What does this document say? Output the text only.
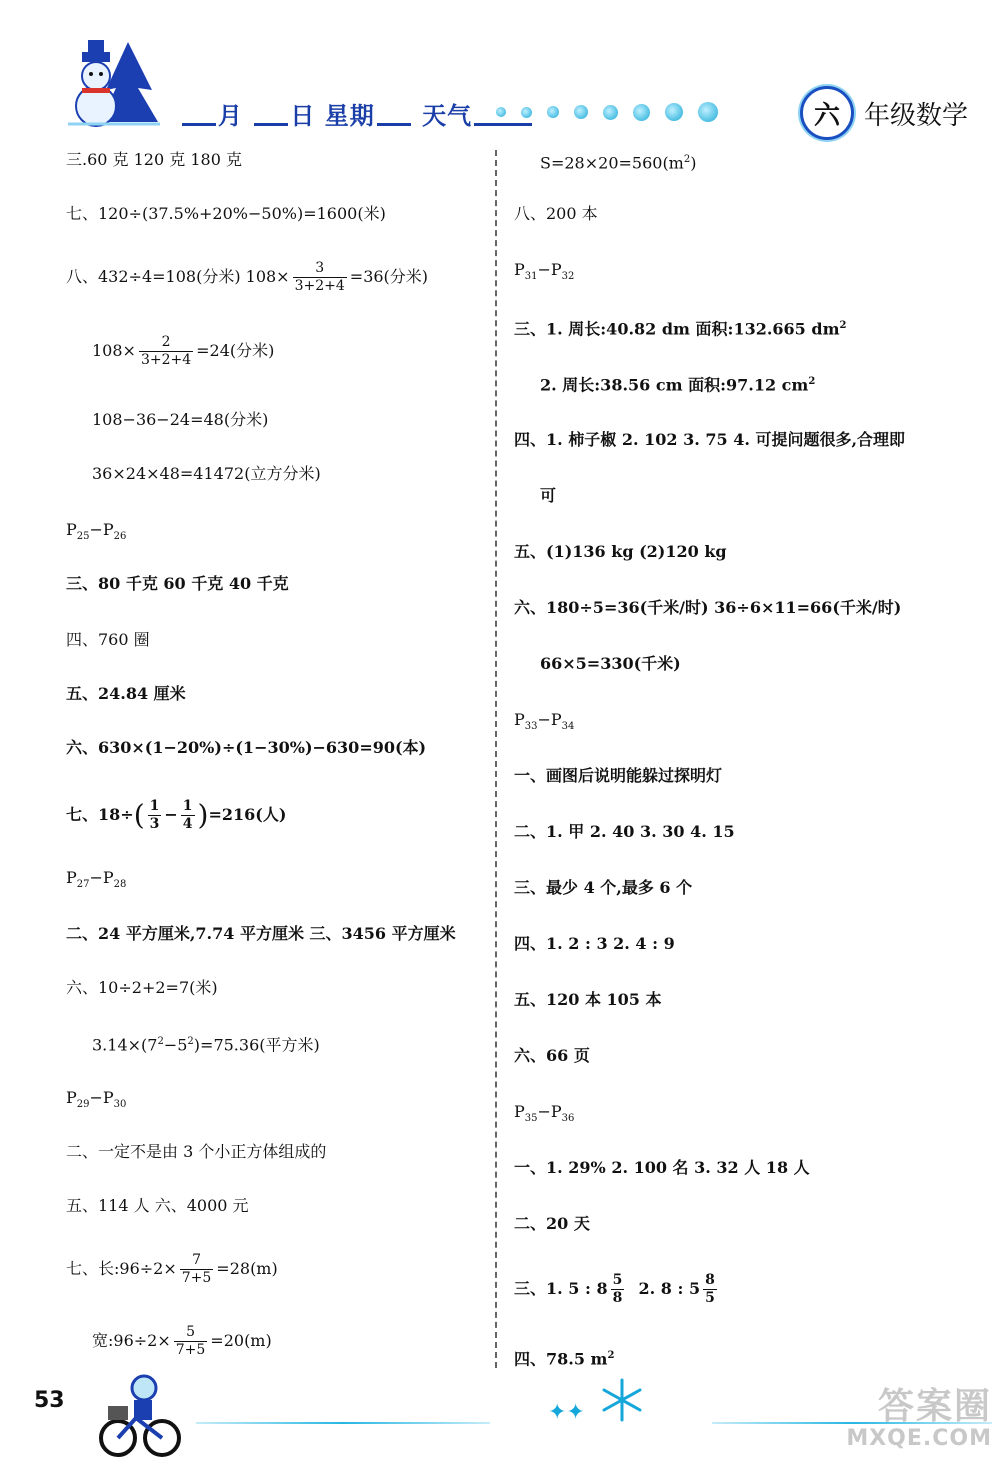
月 日 星期 天气	六 年级数学
三.60 克 120 克 180 克
七、120÷(37.5%+20%−50%)=1600(米)
八、432÷4=108(分米) $108\times \frac{3}{3+2+4} =36$(分米)
$108\times \frac{2}{3+2+4} =24$(分米)
108−36−24=48(分米)
36×24×48=41472(立方分米)
$P_{25}-P_{26}$
三、80 千克 60 千克 40 千克
四、760 圈
五、24.84 厘米
六、630×(1−20%)÷(1−30%)−630=90(本)
七、$18\div( \frac{1}{3} - \frac{1}{4} )=216$(人)
$P_{27}-P_{28}$
二、24 平方厘米,7.74 平方厘米 三、3456 平方厘米
六、10÷2+2=7(米)
$3.14\times(7^2-5^2)=75.36$(平方米)
$P_{29}-P_{30}$
二、一定不是由 3 个小正方体组成的
五、114 人 六、4000 元
七、长:96÷2× $\frac{7}{7+5} =28(m)$
宽:96÷2× $\frac{5}{7+5} =20(m)$
$S=28\times 20=560(m^2)$
八、200 本
$P_{31}-P_{32}$
三、1. 周长:40.82 dm 面积:132.665 $dm^2$
2. 周长:38.56 cm 面积:97.12 $cm^2$
四、1. 柿子椒 2. 102 3. 75 4. 可提问题很多,合理即
可
五、(1)136 kg (2)120 kg
六、180÷5=36(千米/时) 36÷6×11=66(千米/时)
66×5=330(千米)
$P_{33}-P_{34}$
一、画图后说明能躲过探明灯
二、1. 甲 2. 40 3. 30 4. 15
三、最少 4 个,最多 6 个
四、1. 2 : 3 2. 4 : 9
五、120 本 105 本
六、66 页
$P_{35}-P_{36}$
一、1. 29% 2. 100 名 3. 32 人 18 人
二、20 天
三、1. 5 : $8 \frac{5}{8} 2$. 8 : $5 \frac{8}{5}$
四、78.5 $m^2$
53	✦✦	答案圈
MXQE.COM
